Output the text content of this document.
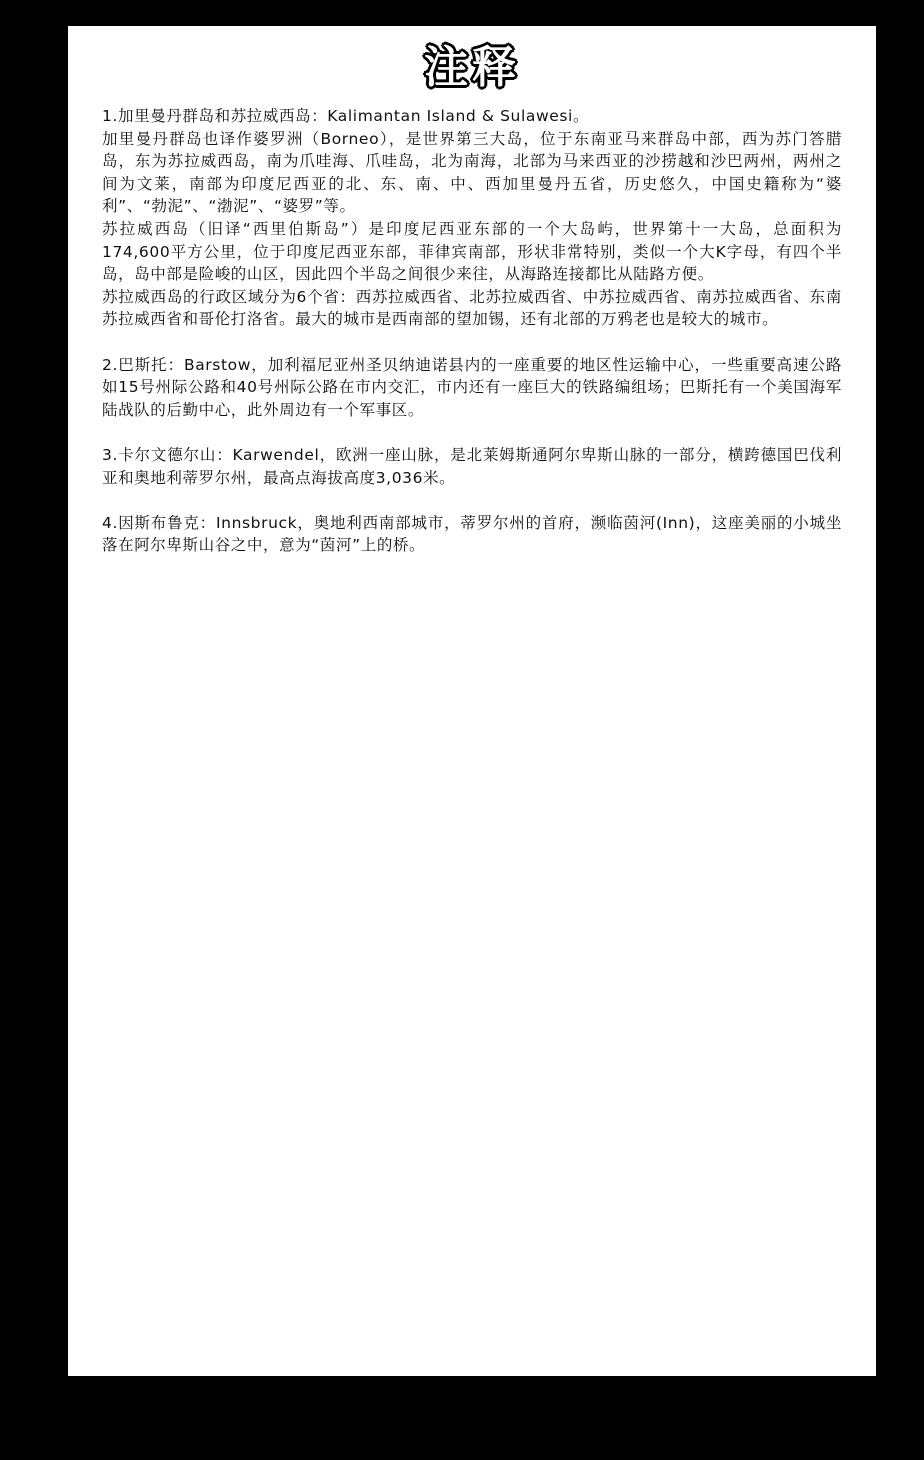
注释

1.加里曼丹群岛和苏拉威西岛：Kalimantan Island & Sulawesi。

加里曼丹群岛也译作婆罗洲（Borneo），是世界第三大岛，位于东南亚马来群岛中部，西为苏门答腊岛，东为苏拉威西岛，南为爪哇海、爪哇岛，北为南海，北部为马来西亚的沙捞越和沙巴两州，两州之间为文莱，南部为印度尼西亚的北、东、南、中、西加里曼丹五省，历史悠久，中国史籍称为“婆利”、“勃泥”、“渤泥”、“婆罗”等。

苏拉威西岛（旧译“西里伯斯岛”）是印度尼西亚东部的一个大岛屿，世界第十一大岛，总面积为174,600平方公里，位于印度尼西亚东部，菲律宾南部，形状非常特别，类似一个大K字母，有四个半岛，岛中部是险峻的山区，因此四个半岛之间很少来往，从海路连接都比从陆路方便。

苏拉威西岛的行政区域分为6个省：西苏拉威西省、北苏拉威西省、中苏拉威西省、南苏拉威西省、东南苏拉威西省和哥伦打洛省。最大的城市是西南部的望加锡，还有北部的万鸦老也是较大的城市。

2.巴斯托：Barstow，加利福尼亚州圣贝纳迪诺县内的一座重要的地区性运输中心，一些重要高速公路如15号州际公路和40号州际公路在市内交汇，市内还有一座巨大的铁路编组场；巴斯托有一个美国海军陆战队的后勤中心，此外周边有一个军事区。

3.卡尔文德尔山：Karwendel，欧洲一座山脉，是北莱姆斯通阿尔卑斯山脉的一部分，横跨德国巴伐利亚和奥地利蒂罗尔州，最高点海拔高度3,036米。

4.因斯布鲁克：Innsbruck，奥地利西南部城市，蒂罗尔州的首府，濒临茵河(Inn)，这座美丽的小城坐落在阿尔卑斯山谷之中，意为“茵河”上的桥。
